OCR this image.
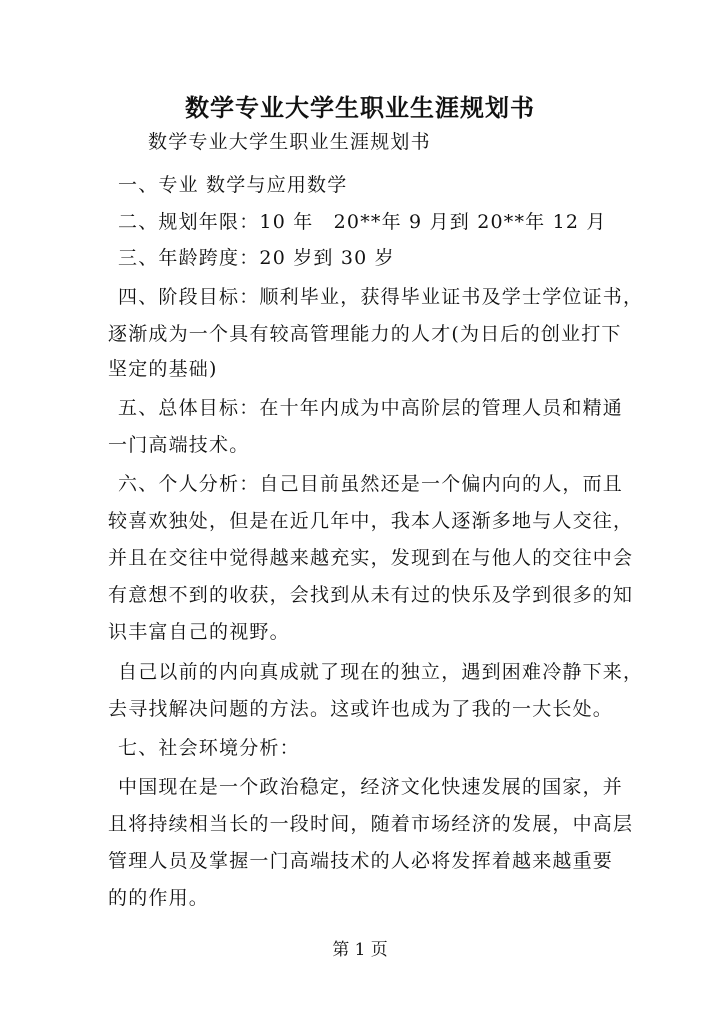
数学专业大学生职业生涯规划书
数学专业大学生职业生涯规划书
一、专业 数学与应用数学
二、规划年限：10 年　20**年 9 月到 20**年 12 月
三、年龄跨度：20 岁到 30 岁
四、阶段目标：顺利毕业，获得毕业证书及学士学位证书，
逐渐成为一个具有较高管理能力的人才(为日后的创业打下
坚定的基础)
五、总体目标：在十年内成为中高阶层的管理人员和精通
一门高端技术。
六、个人分析：自己目前虽然还是一个偏内向的人，而且
较喜欢独处，但是在近几年中，我本人逐渐多地与人交往，
并且在交往中觉得越来越充实，发现到在与他人的交往中会
有意想不到的收获，会找到从未有过的快乐及学到很多的知
识丰富自己的视野。
自己以前的内向真成就了现在的独立，遇到困难冷静下来，
去寻找解决问题的方法。这或许也成为了我的一大长处。
七、社会环境分析：
中国现在是一个政治稳定，经济文化快速发展的国家，并
且将持续相当长的一段时间，随着市场经济的发展，中高层
管理人员及掌握一门高端技术的人必将发挥着越来越重要
的的作用。
第 1 页
